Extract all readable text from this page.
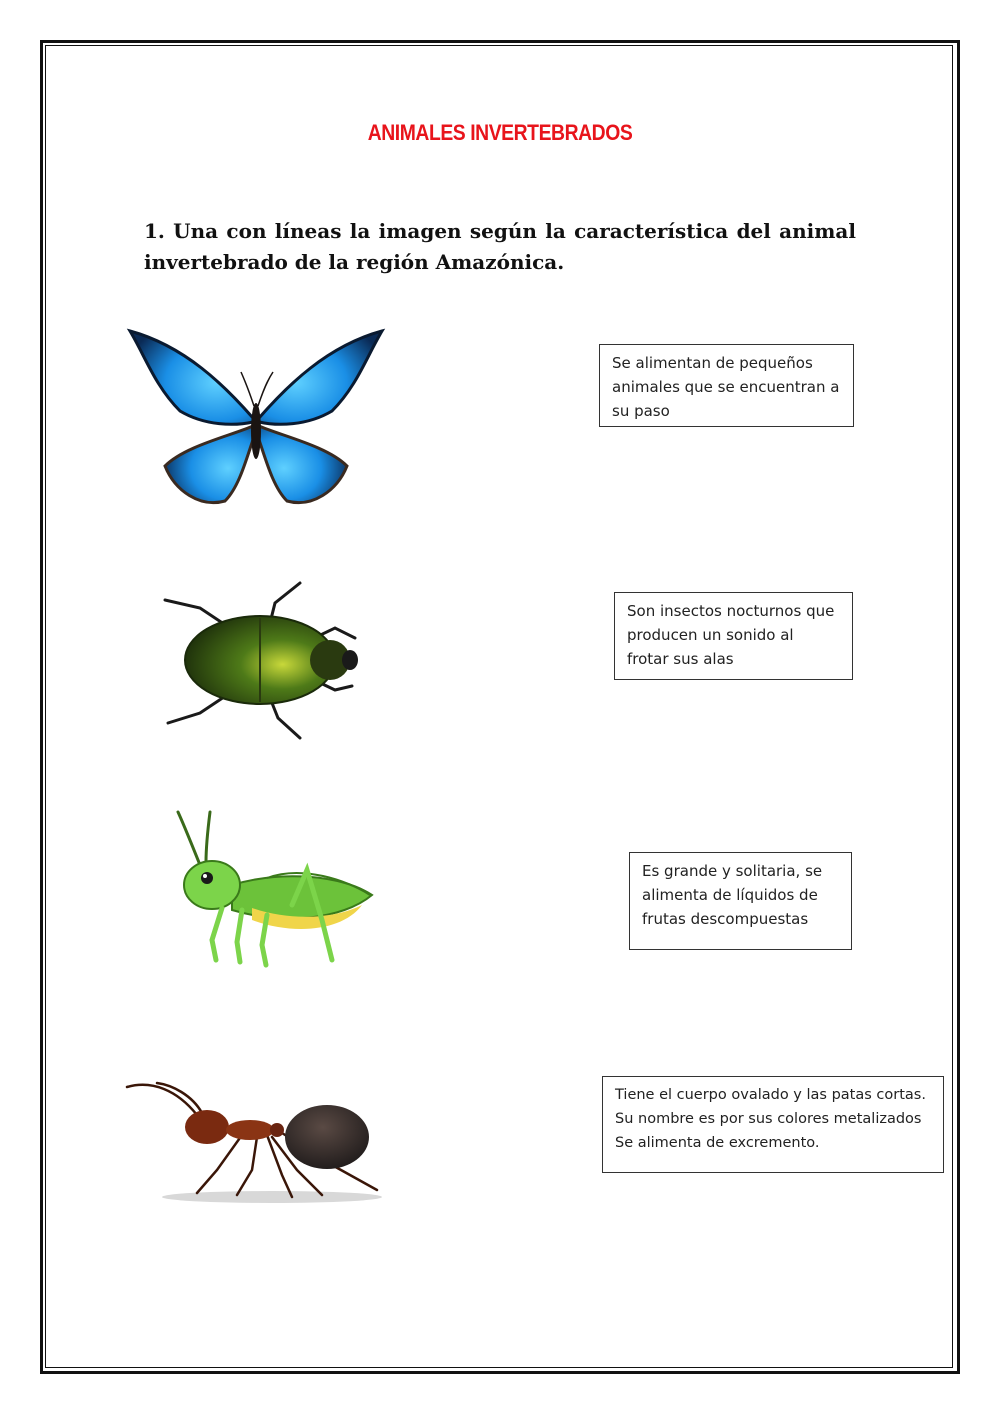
ANIMALES INVERTEBRADOS
1. Una con líneas la imagen según la característica del animal invertebrado de la región Amazónica.
Se alimentan de pequeños
animales que se encuentran a
su paso
Son insectos nocturnos que
producen un sonido al
frotar sus alas
Es grande y solitaria, se
alimenta de líquidos de
frutas descompuestas
Tiene el cuerpo ovalado y las patas cortas.
Su nombre es por sus colores metalizados
Se alimenta de excremento.
